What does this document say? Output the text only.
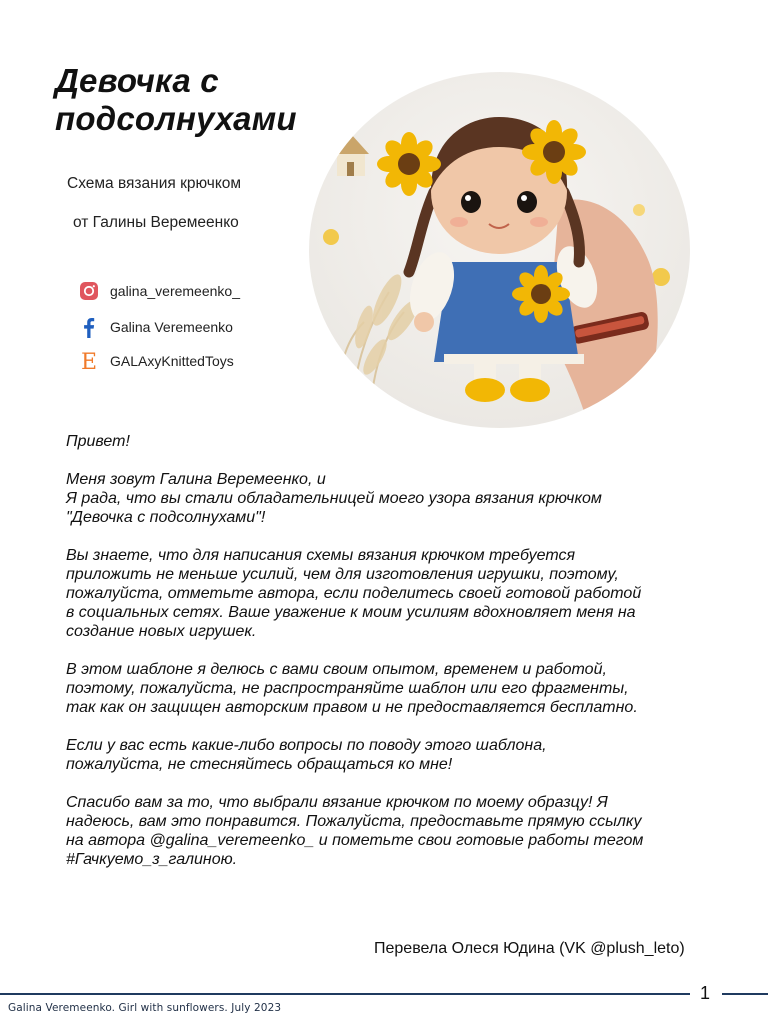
Девочка с
подсолнухами
Схема вязания крючком
от Галины Веремеенко
galina_veremeenko_
Galina Veremeenko
E GALAxyKnittedToys

Привет!

Меня зовут Галина Веремеенко, и
Я рада, что вы стали обладательницей моего узора вязания крючком
"Девочка с подсолнухами"!

Вы знаете, что для написания схемы вязания крючком требуется
приложить не меньше усилий, чем для изготовления игрушки, поэтому,
пожалуйста, отметьте автора, если поделитесь своей готовой работой
в социальных сетях. Ваше уважение к моим усилиям вдохновляет меня на
создание новых игрушек.

В этом шаблоне я делюсь с вами своим опытом, временем и работой,
поэтому, пожалуйста, не распространяйте шаблон или его фрагменты,
так как он защищен авторским правом и не предоставляется бесплатно.

Если у вас есть какие-либо вопросы по поводу этого шаблона,
пожалуйста, не стесняйтесь обращаться ко мне!

Спасибо вам за то, что выбрали вязание крючком по моему образцу! Я
надеюсь, вам это понравится. Пожалуйста, предоставьте прямую ссылку
на автора @galina_veremeenko_ и пометьте свои готовые работы тегом
#Гачкуемо_з_галиною.

Перевела Олеся Юдина (VK @plush_leto)
1
Galina Veremeenko. Girl with sunflowers. July 2023
